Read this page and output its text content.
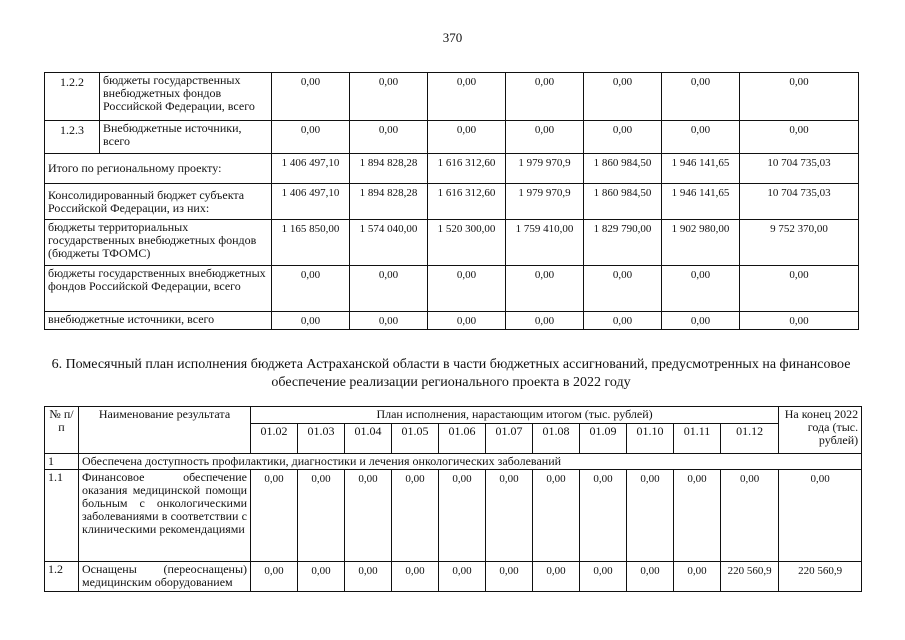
370
1.2.2	бюджеты государственных внебюджетных фондов Российской Федерации, всего	0,00	0,00	0,00	0,00	0,00	0,00	0,00
1.2.3	Внебюджетные источники, всего	0,00	0,00	0,00	0,00	0,00	0,00	0,00
Итого по региональному проекту:		1 406 497,10	1 894 828,28	1 616 312,60	1 979 970,9	1 860 984,50	1 946 141,65	10 704 735,03
Консолидированный бюджет субъекта Российской Федерации, из них:		1 406 497,10	1 894 828,28	1 616 312,60	1 979 970,9	1 860 984,50	1 946 141,65	10 704 735,03
бюджеты территориальных государственных внебюджетных фондов (бюджеты ТФОМС)		1 165 850,00	1 574 040,00	1 520 300,00	1 759 410,00	1 829 790,00	1 902 980,00	9 752 370,00
бюджеты государственных внебюджетных фондов Российской Федерации, всего		0,00	0,00	0,00	0,00	0,00	0,00	0,00
внебюджетные источники, всего		0,00	0,00	0,00	0,00	0,00	0,00	0,00
6. Помесячный план исполнения бюджета Астраханской области в части бюджетных ассигнований, предусмотренных на финансовое обеспечение реализации регионального проекта в 2022 году
№ п/п	Наименование результата	План исполнения, нарастающим итогом (тыс. рублей)											На конец 2022 года (тыс. рублей)
		01.02	01.03	01.04	01.05	01.06	01.07	01.08	01.09	01.10	01.11	01.12	
1	Обеспечена доступность профилактики, диагностики и лечения онкологических заболеваний												
1.1	Финансовое обеспечение оказания медицинской помощи больным с онкологическими заболеваниями в соответствии с клиническими рекомендациями	0,00	0,00	0,00	0,00	0,00	0,00	0,00	0,00	0,00	0,00	0,00	0,00
1.2	Оснащены (переоснащены) медицинским оборудованием	0,00	0,00	0,00	0,00	0,00	0,00	0,00	0,00	0,00	0,00	220 560,9	220 560,9
